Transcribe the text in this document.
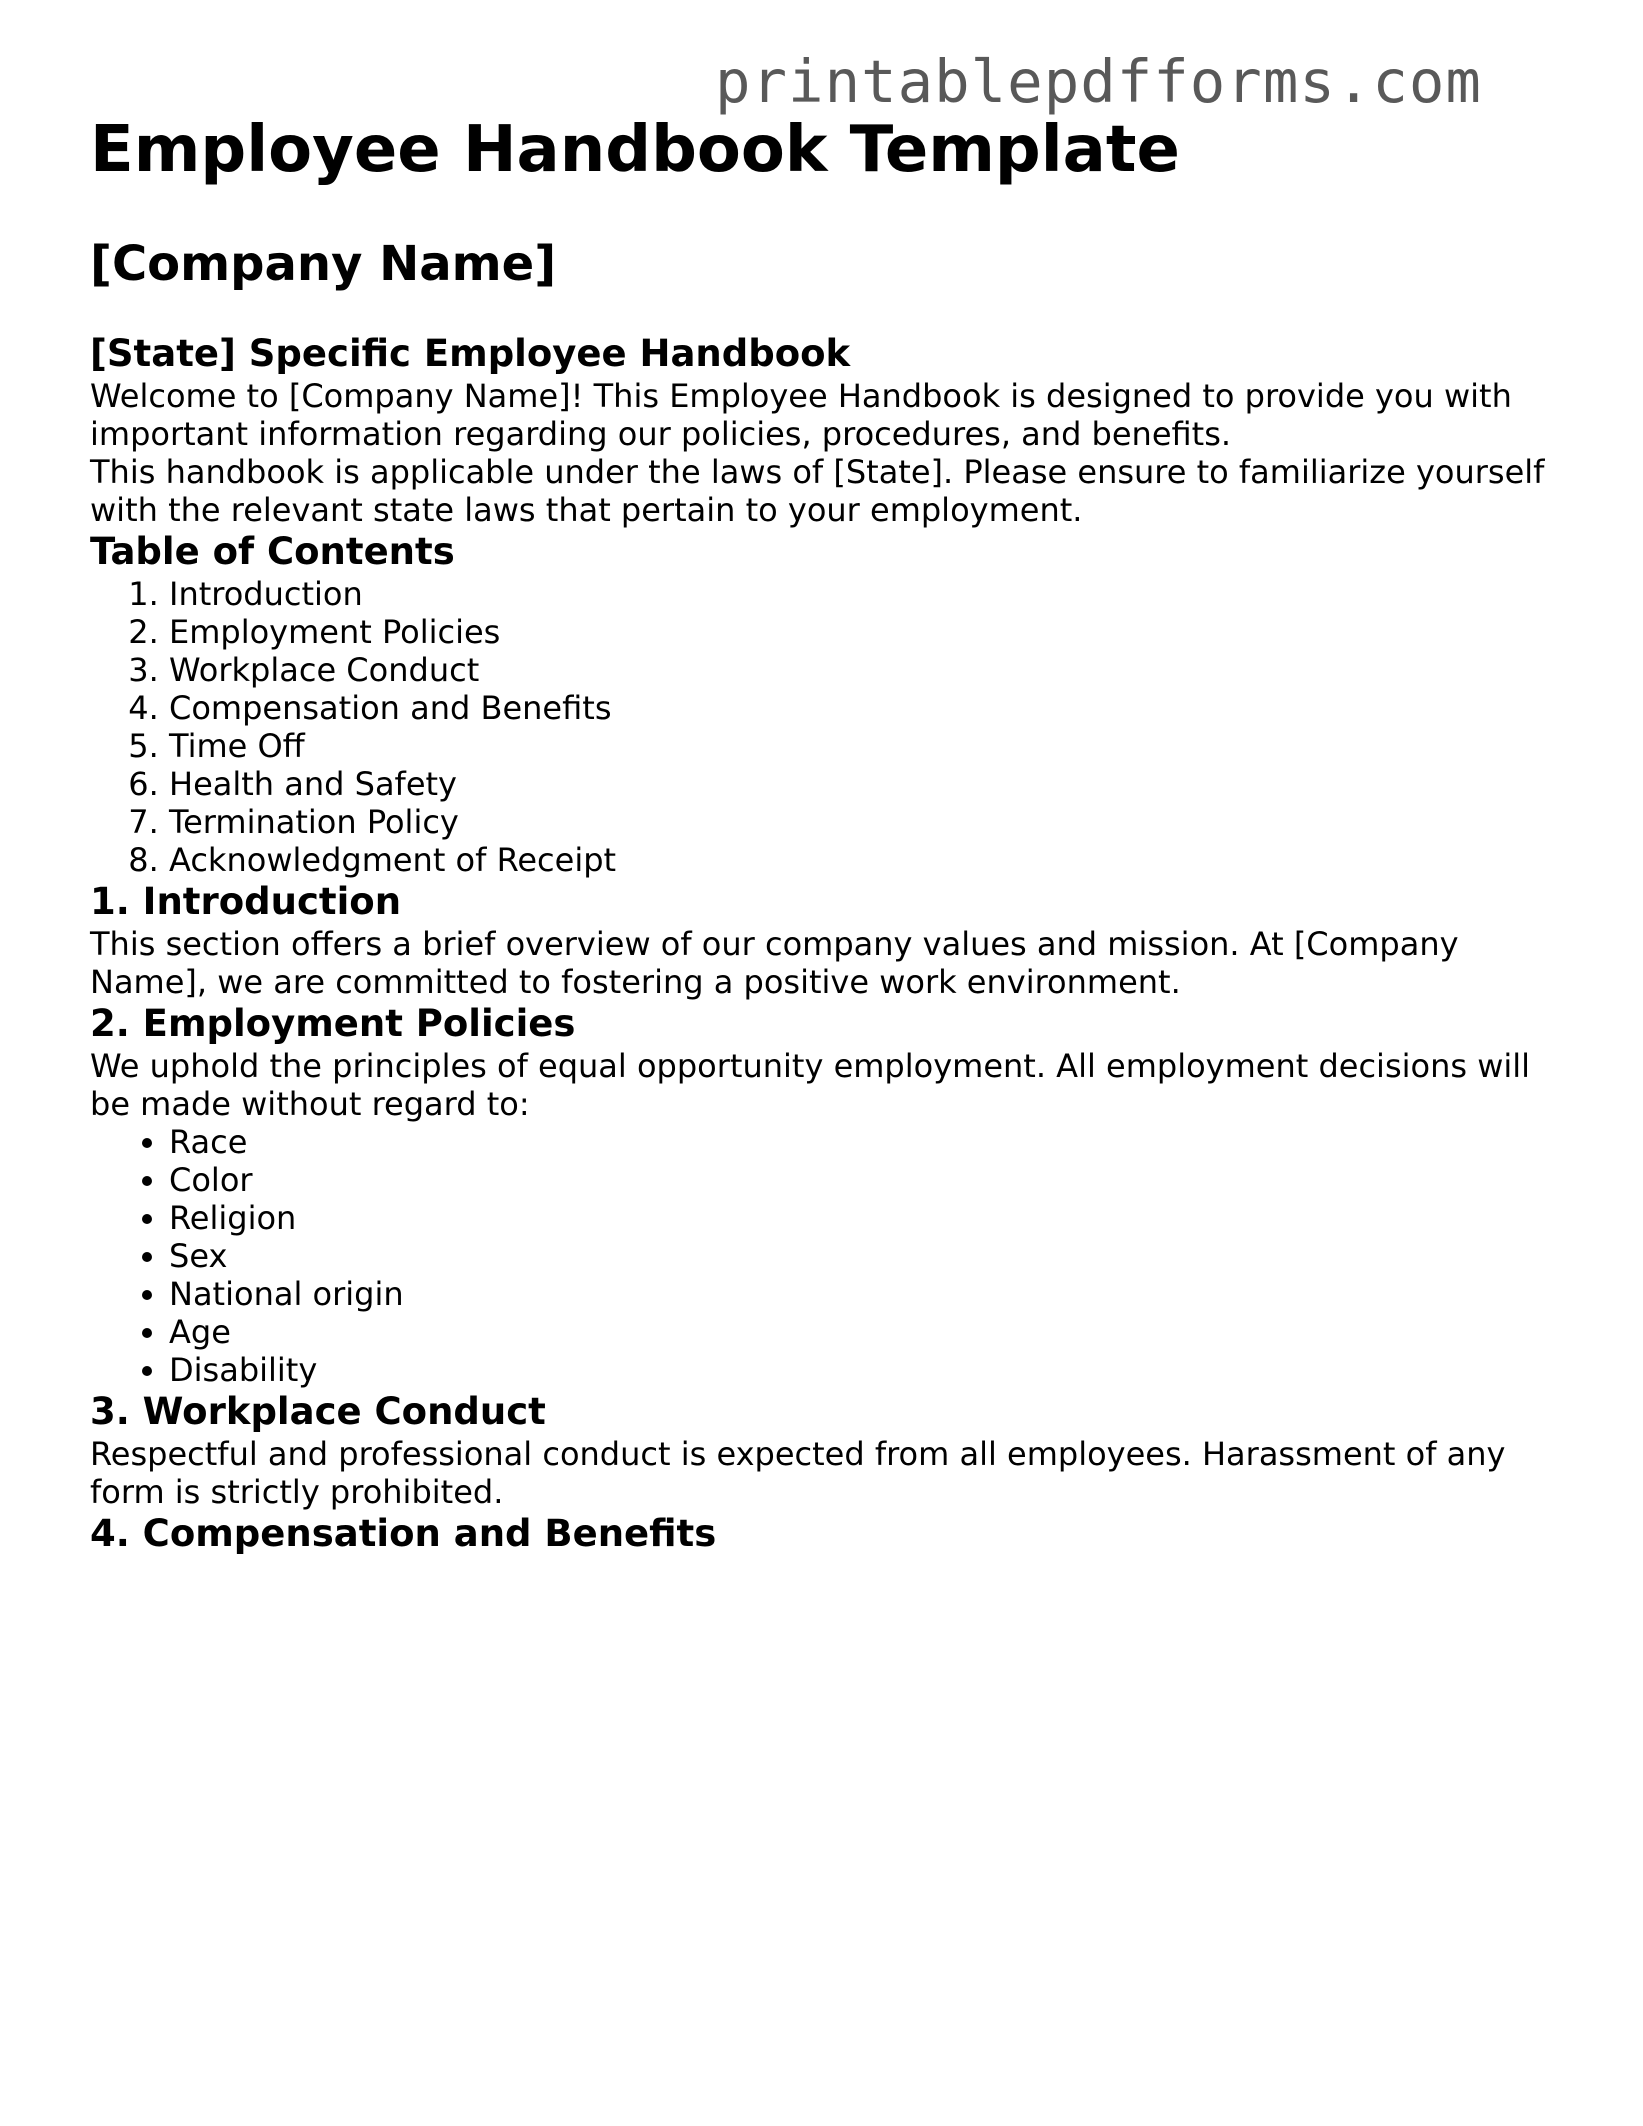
printablepdfforms.com
Employee Handbook Template
[Company Name]
[State] Specific Employee Handbook

Welcome to [Company Name]! This Employee Handbook is designed to provide you with important information regarding our policies, procedures, and benefits.

This handbook is applicable under the laws of [State]. Please ensure to familiarize yourself with the relevant state laws that pertain to your employment.

Table of Contents
1. Introduction
2. Employment Policies
3. Workplace Conduct
4. Compensation and Benefits
5. Time Off
6. Health and Safety
7. Termination Policy
8. Acknowledgment of Receipt
1. Introduction

This section offers a brief overview of our company values and mission. At [Company Name], we are committed to fostering a positive work environment.

2. Employment Policies

We uphold the principles of equal opportunity employment. All employment decisions will be made without regard to:

• Race
• Color
• Religion
• Sex
• National origin
• Age
• Disability
3. Workplace Conduct

Respectful and professional conduct is expected from all employees. Harassment of any form is strictly prohibited.

4. Compensation and Benefits
